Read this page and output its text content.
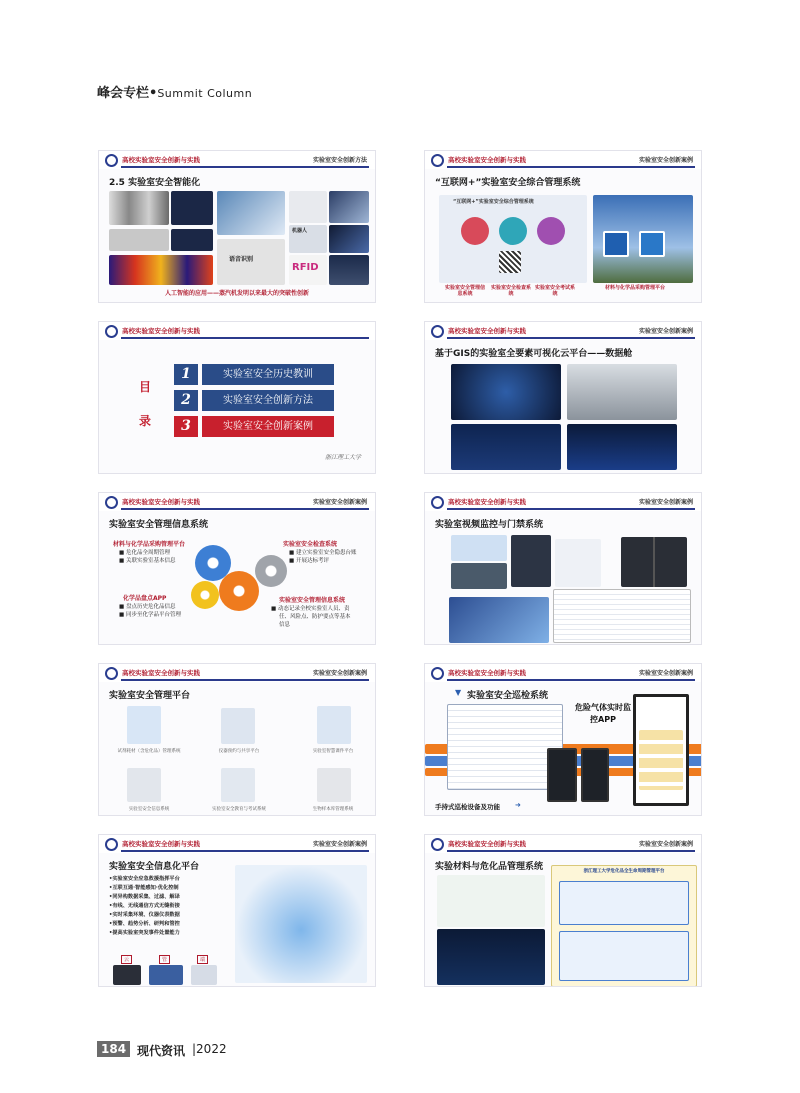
峰会专栏•Summit Column
高校实验室安全创新与实践	实验室安全创新方法
2.5 实验室安全智能化
语音识别
机器人
RFID
人工智能的应用——蒸汽机发明以来最大的突破性创新
高校实验室安全创新与实践	实验室安全创新案例
“互联网+”实验室安全综合管理系统
“互联网+”实验室安全综合管理系统
实验室安全管理信息系统
实验室安全检查系统
实验室安全考试系统
材料与化学品采购管理平台
高校实验室安全创新与实践
目
录
1	实验室安全历史教训
2	实验室安全创新方法
3	实验室安全创新案例
浙江理工大学
高校实验室安全创新与实践	实验室安全创新案例
基于GIS的实验室全要素可视化云平台——数据舱
高校实验室安全创新与实践	实验室安全创新案例
实验室安全管理信息系统
材料与化学品采购管理平台
■ 危化品全周期管理
■ 关联实验室基本信息
实验室安全检查系统
■ 建立实验室安全隐患台账
■ 开展达标考评
化学品盘点APP
■ 盘点历史危化品信息
■ 同步至化学品平台管理
实验室安全管理信息系统
■ 动态记录全校实验室人员、责
任、风险点、防护要点等基本
信息
高校实验室安全创新与实践	实验室安全创新案例
实验室视频监控与门禁系统
高校实验室安全创新与实践	实验室安全创新案例
实验室安全管理平台
试剂耗材（含危化品）管理系统	仪器预约与共享平台	实验室智慧课件平台
实验室安全信息系统	实验室安全教育与考试系统	生物样本库管理系统
高校实验室安全创新与实践	实验室安全创新案例
▼ 实验室安全巡检系统
危险气体实时监控APP
手持式巡检设备及功能 ➜
高校实验室安全创新与实践	实验室安全创新案例
实验室安全信息化平台
•实验室安全应急救援指挥平台
•互联互通·智能感知·优化控制
•同异构数据采集、过滤、解译
•有线、无线通信方式无缝衔接
•实时采集环境、仪器仪表数据
•预警、趋势分析、研判和管控
•提高实验室突发事件处置能力
云	管	端
高校实验室安全创新与实践	实验室安全创新案例
实验材料与危化品管理系统	浙江理工大学危化品全生命周期管理平台
184 现代资讯 |2022
